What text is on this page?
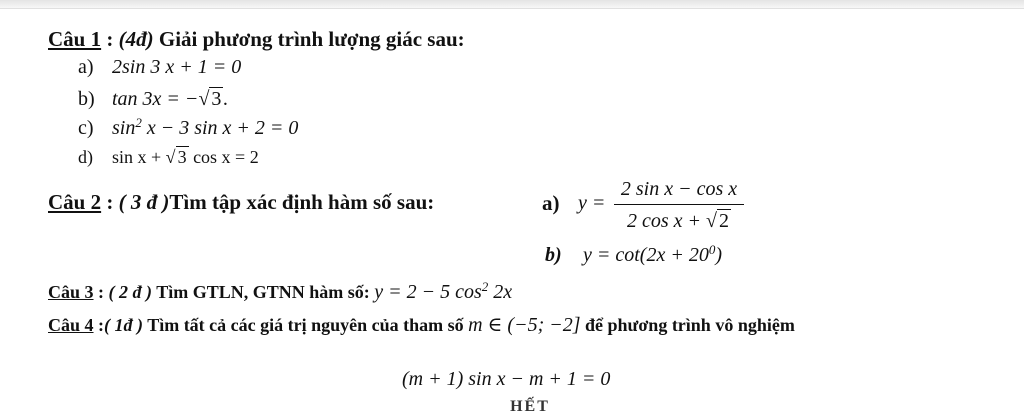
Câu 1 : (4đ) Giải phương trình lượng giác sau:
a) 2sin 3 x + 1 = 0
b) tan 3x = −√ 3 .
c) $\sin^2 x - 3$ sin x + 2 = 0
d) sin x + √ 3 cos x = 2
Câu 2 : ( 3 đ )Tìm tập xác định hàm số sau:	a) y =
2 sin x − cos x
2 cos x + √ 2
b) $y = \cot(2x + 20^0)$
Câu 3 : ( 2 đ ) Tìm GTLN, GTNN hàm số: y = 2 − 5 $\cos^2 2x$
Câu 4 :( 1đ ) Tìm tất cả các giá trị nguyên của tham số m ∈ (−5; −2] để phương trình vô nghiệm
(m + 1) sin x − m + 1 = 0
HẾT
